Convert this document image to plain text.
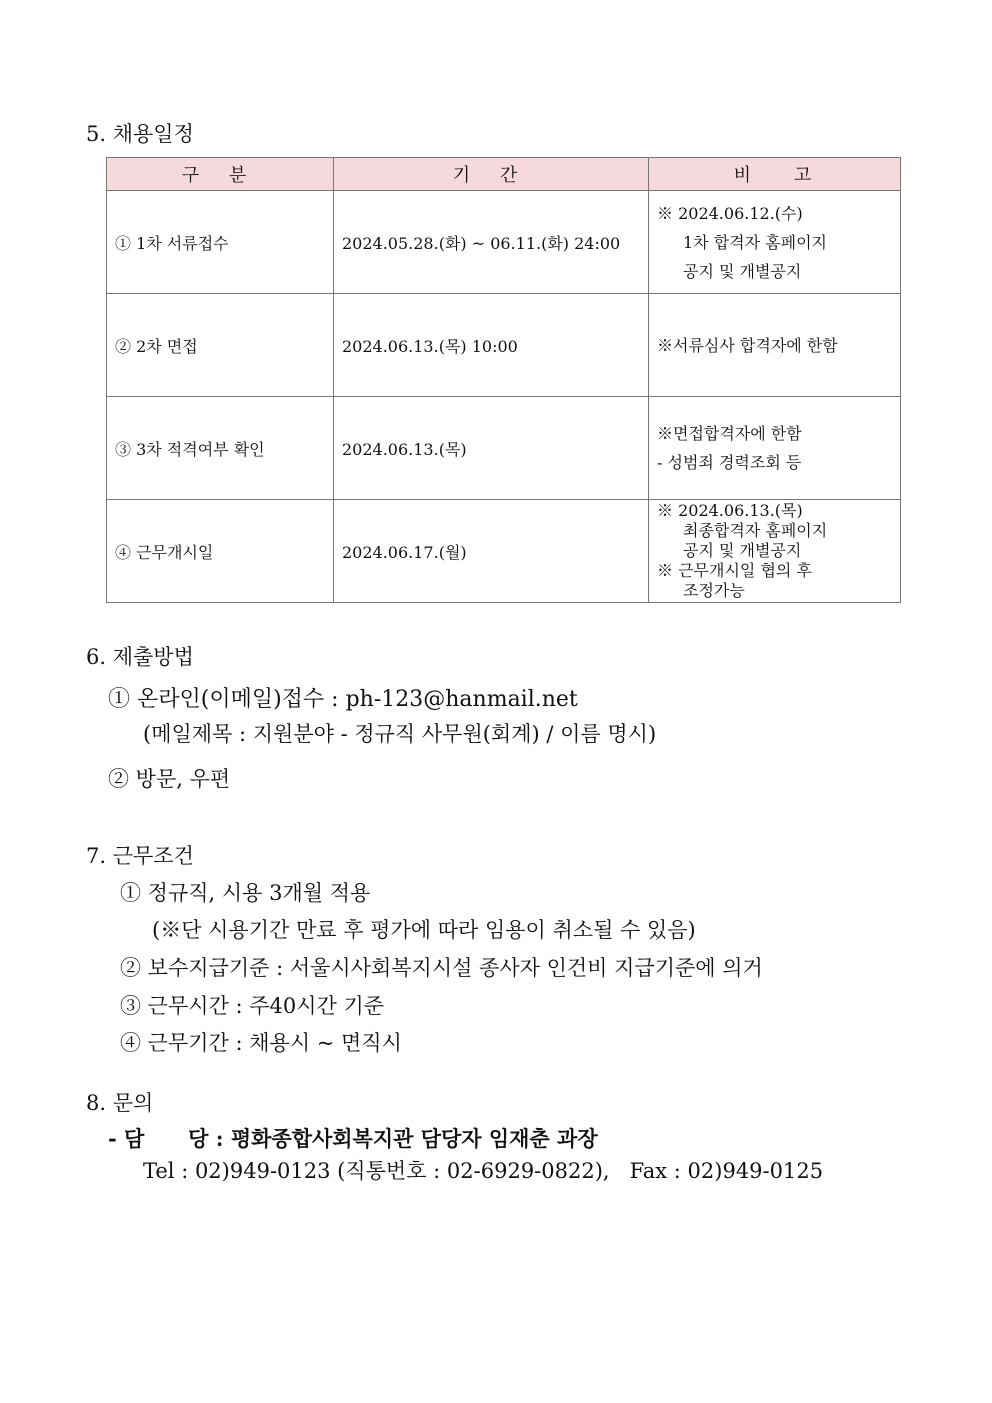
5. 채용일정
구 분	기 간	비    고
① 1차 서류접수	2024.05.28.(화) ~ 06.11.(화) 24:00	※ 2024.06.12.(수)
1차 합격자 홈페이지
공지 및 개별공지

② 2차 면접	2024.06.13.(목) 10:00	※서류심사 합격자에 한함

③ 3차 적격여부 확인	2024.06.13.(목)	※면접합격자에 한함
- 성범죄 경력조회 등

④ 근무개시일	2024.06.17.(월)	※ 2024.06.13.(목)
최종합격자 홈페이지
공지 및 개별공지
※ 근무개시일 협의 후
조정가능
6. 제출방법
① 온라인(이메일)접수 : ph-123@hanmail.net
(메일제목 : 지원분야 - 정규직 사무원(회계) / 이름 명시)
② 방문, 우편
7. 근무조건
① 정규직, 시용 3개월 적용
(※단 시용기간 만료 후 평가에 따라 임용이 취소될 수 있음)
② 보수지급기준 : 서울시사회복지시설 종사자 인건비 지급기준에 의거
③ 근무시간 : 주40시간 기준
④ 근무기간 : 채용시 ~ 면직시
8. 문의
- 담      당 : 평화종합사회복지관 담당자 임재춘 과장
Tel : 02)949-0123 (직통번호 : 02-6929-0822),   Fax : 02)949-0125
